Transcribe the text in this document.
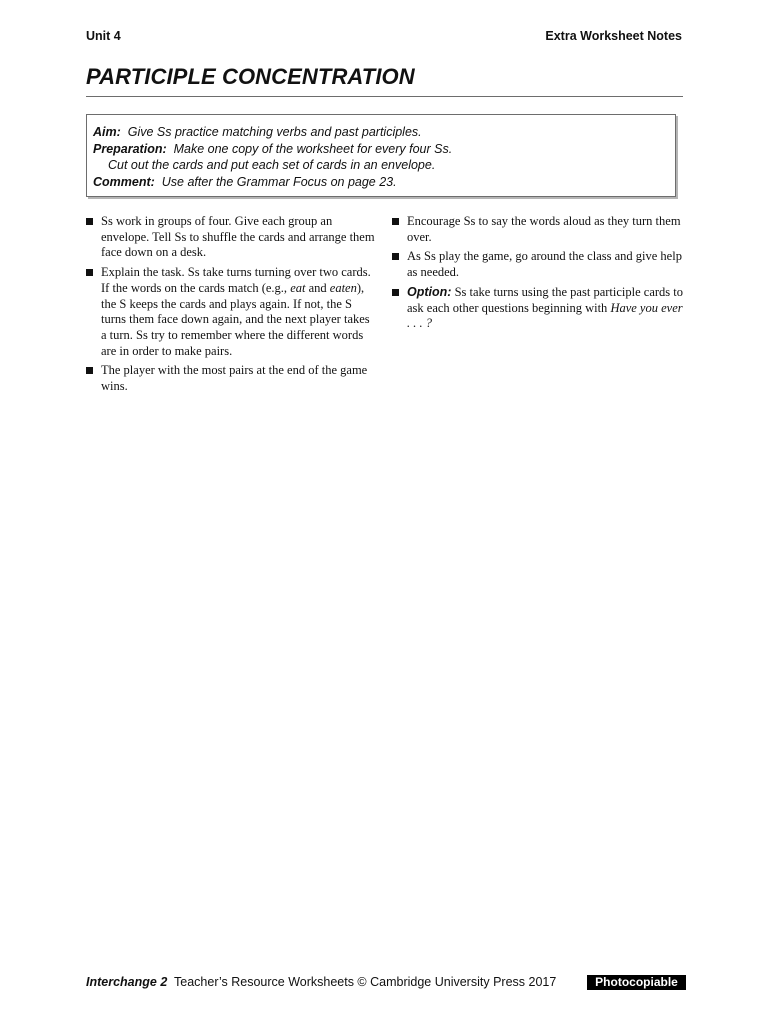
Unit 4	Extra Worksheet Notes
PARTICIPLE CONCENTRATION
Aim: Give Ss practice matching verbs and past participles.
Preparation: Make one copy of the worksheet for every four Ss.
Cut out the cards and put each set of cards in an envelope.
Comment: Use after the Grammar Focus on page 23.
Ss work in groups of four. Give each group an envelope. Tell Ss to shuffle the cards and arrange them face down on a desk.
Explain the task. Ss take turns turning over two cards. If the words on the cards match (e.g., eat and eaten), the S keeps the cards and plays again. If not, the S turns them face down again, and the next player takes a turn. Ss try to remember where the different words are in order to make pairs.
The player with the most pairs at the end of the game wins.
Encourage Ss to say the words aloud as they turn them over.
As Ss play the game, go around the class and give help as needed.
Option: Ss take turns using the past participle cards to ask each other questions beginning with Have you ever . . . ?
Interchange 2 Teacher’s Resource Worksheets © Cambridge University Press 2017	Photocopiable
